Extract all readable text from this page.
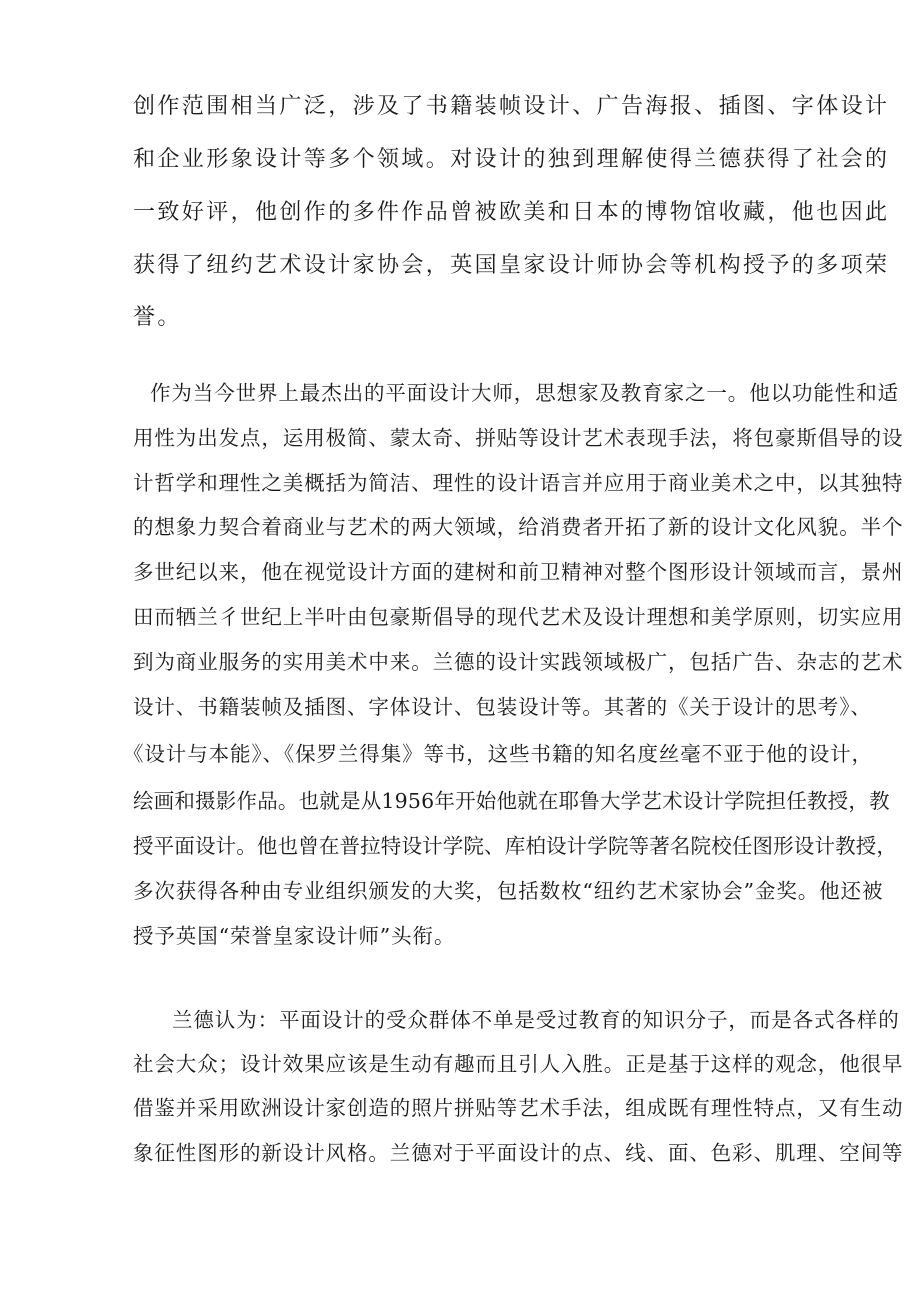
创作范围相当广泛，涉及了书籍装帧设计、广告海报、插图、字体设计
和企业形象设计等多个领域。对设计的独到理解使得兰德获得了社会的
一致好评，他创作的多件作品曾被欧美和日本的博物馆收藏，他也因此
获得了纽约艺术设计家协会，英国皇家设计师协会等机构授予的多项荣
誉。
作为当今世界上最杰出的平面设计大师，思想家及教育家之一。他以功能性和适
用性为出发点，运用极简、蒙太奇、拼贴等设计艺术表现手法，将包豪斯倡导的设
计哲学和理性之美概括为简洁、理性的设计语言并应用于商业美术之中，以其独特
的想象力契合着商业与艺术的两大领域，给消费者开拓了新的设计文化风貌。半个
多世纪以来，他在视觉设计方面的建树和前卫精神对整个图形设计领域而言，景州
田而牺兰彳世纪上半叶由包豪斯倡导的现代艺术及设计理想和美学原则，切实应用
到为商业服务的实用美术中来。兰德的设计实践领域极广，包括广告、杂志的艺术
设计、书籍装帧及插图、字体设计、包装设计等。其著的《关于设计的思考》、
《设计与本能》、《保罗兰得集》等书，这些书籍的知名度丝毫不亚于他的设计，
绘画和摄影作品。也就是从1956年开始他就在耶鲁大学艺术设计学院担任教授，教
授平面设计。他也曾在普拉特设计学院、库柏设计学院等著名院校任图形设计教授，
多次获得各种由专业组织颁发的大奖，包括数枚“纽约艺术家协会”金奖。他还被
授予英国“荣誉皇家设计师”头衔。
兰德认为：平面设计的受众群体不单是受过教育的知识分子，而是各式各样的
社会大众；设计效果应该是生动有趣而且引人入胜。正是基于这样的观念，他很早
借鉴并采用欧洲设计家创造的照片拼贴等艺术手法，组成既有理性特点，又有生动
象征性图形的新设计风格。兰德对于平面设计的点、线、面、色彩、肌理、空间等
